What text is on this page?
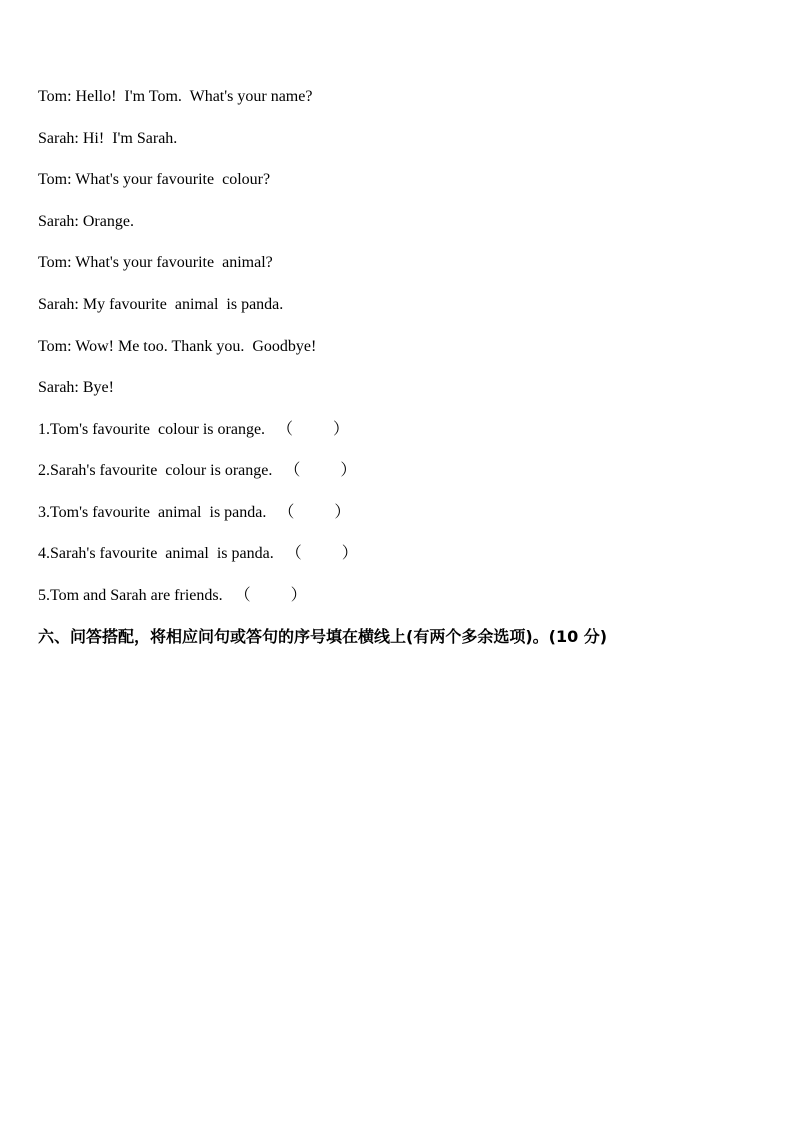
Tom: Hello!  I'm Tom.  What's your name?
Sarah: Hi!  I'm Sarah.
Tom: What's your favourite  colour?
Sarah: Orange.
Tom: What's your favourite  animal?
Sarah: My favourite  animal  is panda.
Tom: Wow! Me too. Thank you.  Goodbye!
Sarah: Bye!
1.Tom's favourite  colour is orange.   （          ）
2.Sarah's favourite  colour is orange.   （          ）
3.Tom's favourite  animal  is panda.   （          ）
4.Sarah's favourite  animal  is panda.   （          ）
5.Tom and Sarah are friends.   （          ）
六、问答搭配，将相应问句或答句的序号填在横线上(有两个多余选项)。(10 分)
